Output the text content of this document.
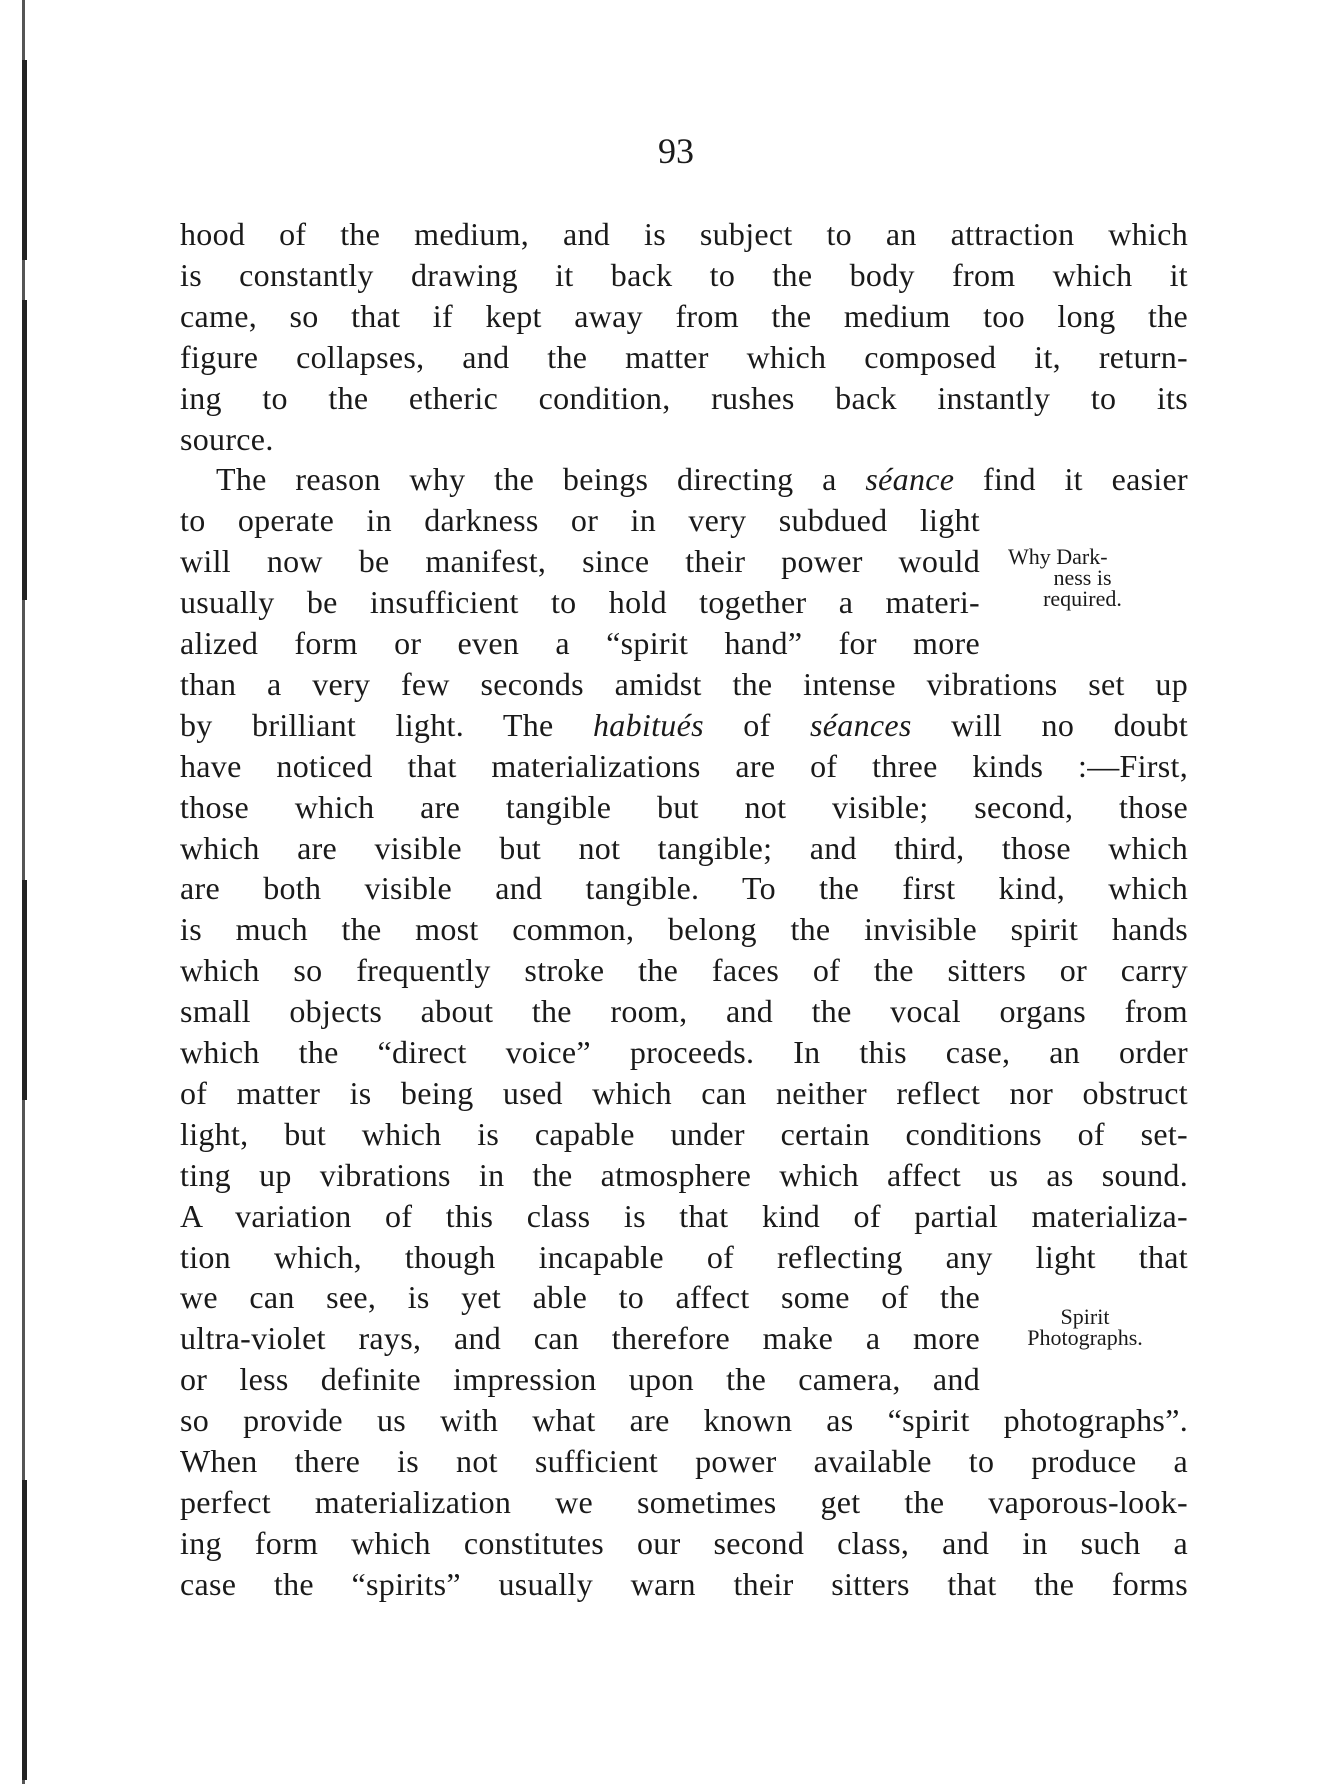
93
hood of the medium, and is subject to an attraction which
is constantly drawing it back to the body from which it
came, so that if kept away from the medium too long the
figure collapses, and the matter which composed it, return-
ing to the etheric condition, rushes back instantly to its
source.
The reason why the beings directing a séance find it easier
to operate in darkness or in very subdued light
will now be manifest, since their power would
usually be insufficient to hold together a materi-
alized form or even a “spirit hand” for more
than a very few seconds amidst the intense vibrations set up
by brilliant light. The habitués of séances will no doubt
have noticed that materializations are of three kinds :—First,
those which are tangible but not visible; second, those
which are visible but not tangible; and third, those which
are both visible and tangible. To the first kind, which
is much the most common, belong the invisible spirit hands
which so frequently stroke the faces of the sitters or carry
small objects about the room, and the vocal organs from
which the “direct voice” proceeds. In this case, an order
of matter is being used which can neither reflect nor obstruct
light, but which is capable under certain conditions of set-
ting up vibrations in the atmosphere which affect us as sound.
A variation of this class is that kind of partial materializa-
tion which, though incapable of reflecting any light that
we can see, is yet able to affect some of the
ultra-violet rays, and can therefore make a more
or less definite impression upon the camera, and
so provide us with what are known as “spirit photographs”.
When there is not sufficient power available to produce a
perfect materialization we sometimes get the vaporous-look-
ing form which constitutes our second class, and in such a
case the “spirits” usually warn their sitters that the forms
Why Dark-
ness is
required.
Spirit
Photographs.
